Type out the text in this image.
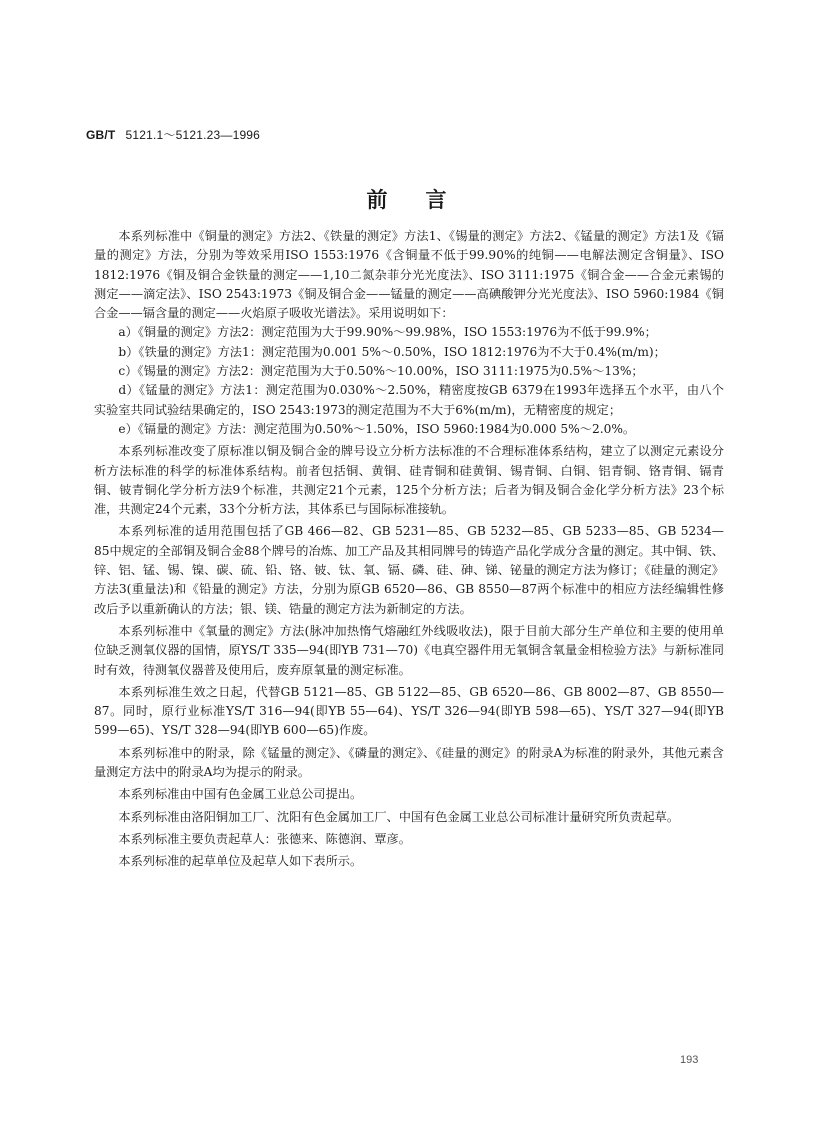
GB/T 5121.1～5121.23—1996
前言

本系列标准中《铜量的测定》方法2、《铁量的测定》方法1、《锡量的测定》方法2、《锰量的测定》方法1及《镉量的测定》方法，分别为等效采用ISO 1553:1976《含铜量不低于99.90%的纯铜——电解法测定含铜量》、ISO 1812:1976《铜及铜合金铁量的测定——1,10二氮杂菲分光光度法》、ISO 3111:1975《铜合金——合金元素锡的测定——滴定法》、ISO 2543:1973《铜及铜合金——锰量的测定——高碘酸钾分光光度法》、ISO 5960:1984《铜合金——镉含量的测定——火焰原子吸收光谱法》。采用说明如下：

a）《铜量的测定》方法2：测定范围为大于99.90%～99.98%，ISO 1553:1976为不低于99.9%；

b）《铁量的测定》方法1：测定范围为0.001 5%～0.50%，ISO 1812:1976为不大于0.4%(m/m)；

c）《锡量的测定》方法2：测定范围为大于0.50%～10.00%，ISO 3111:1975为0.5%～13%；

d）《锰量的测定》方法1：测定范围为0.030%～2.50%，精密度按GB 6379在1993年选择五个水平，由八个实验室共同试验结果确定的，ISO 2543:1973的测定范围为不大于6%(m/m)，无精密度的规定；

e）《镉量的测定》方法：测定范围为0.50%～1.50%，ISO 5960:1984为0.000 5%～2.0%。

本系列标准改变了原标准以铜及铜合金的牌号设立分析方法标准的不合理标准体系结构，建立了以测定元素设分析方法标准的科学的标准体系结构。前者包括铜、黄铜、硅青铜和硅黄铜、锡青铜、白铜、铝青铜、铬青铜、镉青铜、铍青铜化学分析方法9个标准，共测定21个元素，125个分析方法；后者为铜及铜合金化学分析方法》23个标准，共测定24个元素，33个分析方法，其体系已与国际标准接轨。

本系列标准的适用范围包括了GB 466—82、GB 5231—85、GB 5232—85、GB 5233—85、GB 5234—85中规定的全部铜及铜合金88个牌号的冶炼、加工产品及其相同牌号的铸造产品化学成分含量的测定。其中铜、铁、锌、铝、锰、锡、镍、碳、硫、铅、铬、铍、钛、氧、镉、磷、硅、砷、锑、铋量的测定方法为修订；《硅量的测定》方法3(重量法)和《铅量的测定》方法，分别为原GB 6520—86、GB 8550—87两个标准中的相应方法经编辑性修改后予以重新确认的方法；银、镁、锆量的测定方法为新制定的方法。

本系列标准中《氧量的测定》方法(脉冲加热惰气熔融红外线吸收法)，限于目前大部分生产单位和主要的使用单位缺乏测氧仪器的国情，原YS/T 335—94(即YB 731—70)《电真空器件用无氧铜含氧量金相检验方法》与新标准同时有效，待测氧仪器普及使用后，废弃原氧量的测定标准。

本系列标准生效之日起，代替GB 5121—85、GB 5122—85、GB 6520—86、GB 8002—87、GB 8550—87。同时，原行业标准YS/T 316—94(即YB 55—64)、YS/T 326—94(即YB 598—65)、YS/T 327—94(即YB 599—65)、YS/T 328—94(即YB 600—65)作废。

本系列标准中的附录，除《锰量的测定》、《磷量的测定》、《硅量的测定》的附录A为标准的附录外，其他元素含量测定方法中的附录A均为提示的附录。

本系列标准由中国有色金属工业总公司提出。

本系列标准由洛阳铜加工厂、沈阳有色金属加工厂、中国有色金属工业总公司标准计量研究所负责起草。

本系列标准主要负责起草人：张德来、陈德润、覃彦。

本系列标准的起草单位及起草人如下表所示。

193
